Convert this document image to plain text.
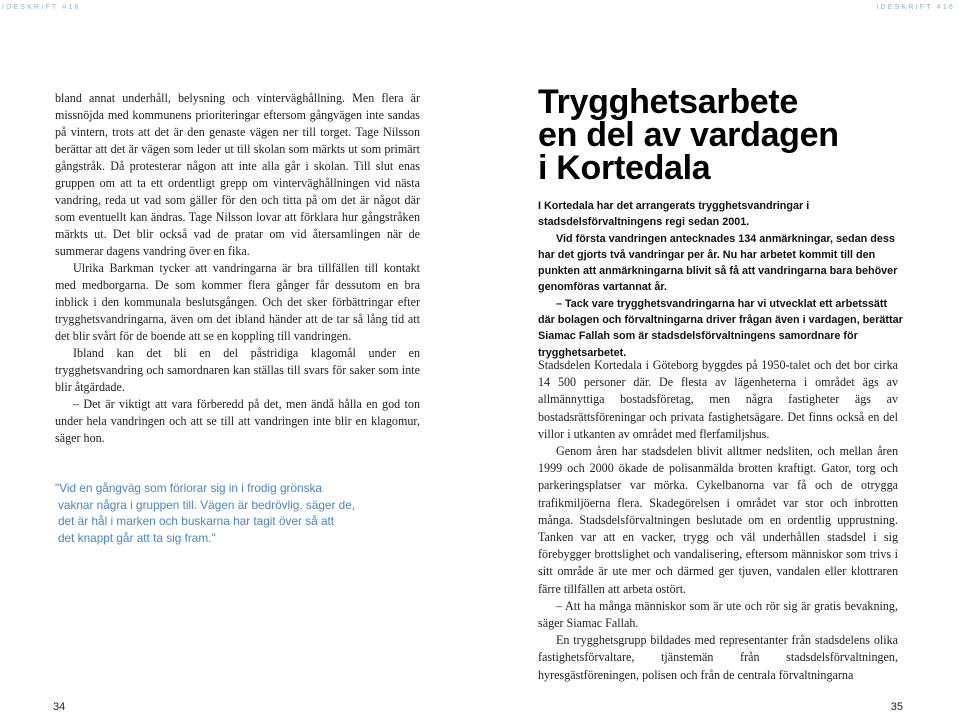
IDESKRIFT #16	IDESKRIFT #16

bland annat underhåll, belysning och vinterväghållning. Men flera är missnöjda med kommunens prioriteringar eftersom gångvägen inte sandas på vintern, trots att det är den genaste vägen ner till torget. Tage Nilsson berättar att det är vägen som leder ut till skolan som märkts ut som primärt gångstråk. Då protesterar någon att inte alla går i skolan. Till slut enas gruppen om att ta ett ordentligt grepp om vinterväghållningen vid nästa vandring, reda ut vad som gäller för den och titta på om det är något där som eventuellt kan ändras. Tage Nilsson lovar att förklara hur gångstråken märkts ut. Det blir också vad de pratar om vid återsamlingen när de summerar dagens vandring över en fika.

Ulrika Barkman tycker att vandringarna är bra tillfällen till kontakt med medborgarna. De som kommer flera gånger får dessutom en bra inblick i den kommunala beslutsgången. Och det sker förbättringar efter trygghetsvandringarna, även om det ibland händer att de tar så lång tid att det blir svårt för de boende att se en koppling till vandringen.

Ibland kan det bli en del påstridiga klagomål under en trygghetsvandring och samordnaren kan ställas till svars för saker som inte blir åtgärdade.

– Det är viktigt att vara förberedd på det, men ändå hålla en god ton under hela vandringen och att se till att vandringen inte blir en klagomur, säger hon.

"Vid en gångväg som förlorar sig in i frodig grönska

vaknar några i gruppen till. Vägen är bedrövlig, säger de,

det är hål i marken och buskarna har tagit över så att

det knappt går att ta sig fram."

Trygghetsarbete
en del av vardagen
i Kortedala

I Kortedala har det arrangerats trygghetsvandringar i stadsdelsförvaltningens regi sedan 2001.

Vid första vandringen antecknades 134 anmärkningar, sedan dess har det gjorts två vandringar per år. Nu har arbetet kommit till den punkten att anmärkningarna blivit så få att vandringarna bara behöver genomföras vartannat år.

– Tack vare trygghetsvandringarna har vi utvecklat ett arbetssätt där bolagen och förvaltningarna driver frågan även i vardagen, berättar Siamac Fallah som är stadsdelsförvaltningens samordnare för trygghetsarbetet.

Stadsdelen Kortedala i Göteborg byggdes på 1950-talet och det bor cirka 14 500 personer där. De flesta av lägenheterna i området ägs av allmännyttiga bostadsföretag, men några fastigheter ägs av bostadsrättsföreningar och privata fastighetsägare. Det finns också en del villor i utkanten av området med flerfamiljshus.

Genom åren har stadsdelen blivit alltmer nedsliten, och mellan åren 1999 och 2000 ökade de polisanmälda brotten kraftigt. Gator, torg och parkeringsplatser var mörka. Cykelbanorna var få och de otrygga trafikmiljöerna flera. Skadegörelsen i området var stor och inbrotten många. Stadsdelsförvaltningen beslutade om en ordentlig upprustning. Tanken var att en vacker, trygg och väl underhållen stadsdel i sig förebygger brottslighet och vandalisering, eftersom människor som trivs i sitt område är ute mer och därmed ger tjuven, vandalen eller klottraren färre tillfällen att arbeta ostört.

– Att ha många människor som är ute och rör sig är gratis bevakning, säger Siamac Fallah.

En trygghetsgrupp bildades med representanter från stadsdelens olika fastighetsförvaltare, tjänstemän från stadsdelsförvaltningen, hyresgästföreningen, polisen och från de centrala förvaltningarna

34	35
